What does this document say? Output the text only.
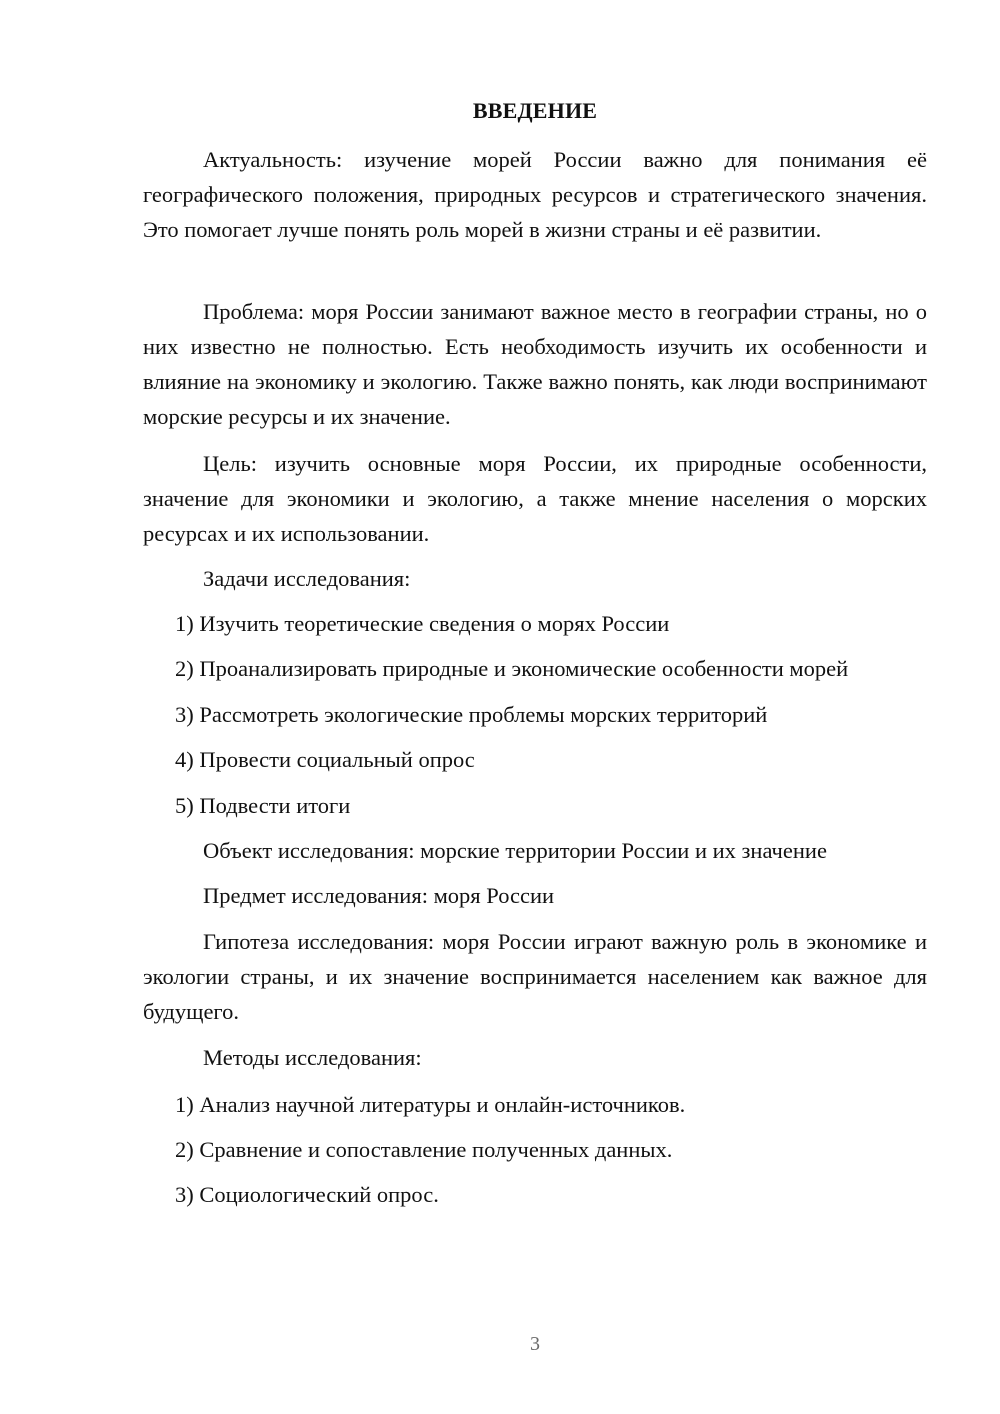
ВВЕДЕНИЕ

Актуальность: изучение морей России важно для понимания её географического положения, природных ресурсов и стратегического значения. Это помогает лучше понять роль морей в жизни страны и её развитии.

Проблема: моря России занимают важное место в географии страны, но о них известно не полностью. Есть необходимость изучить их особенности и влияние на экономику и экологию. Также важно понять, как люди воспринимают морские ресурсы и их значение.

Цель: изучить основные моря России, их природные особенности, значение для экономики и экологию, а также мнение населения о морских ресурсах и их использовании.

Задачи исследования:

1) Изучить теоретические сведения о морях России

2) Проанализировать природные и экономические особенности морей

3) Рассмотреть экологические проблемы морских территорий

4) Провести социальный опрос

5) Подвести итоги

Объект исследования: морские территории России и их значение

Предмет исследования: моря России

Гипотеза исследования: моря России играют важную роль в экономике и экологии страны, и их значение воспринимается населением как важное для будущего.

Методы исследования:

1) Анализ научной литературы и онлайн-источников.

2) Сравнение и сопоставление полученных данных.

3) Социологический опрос.

3
